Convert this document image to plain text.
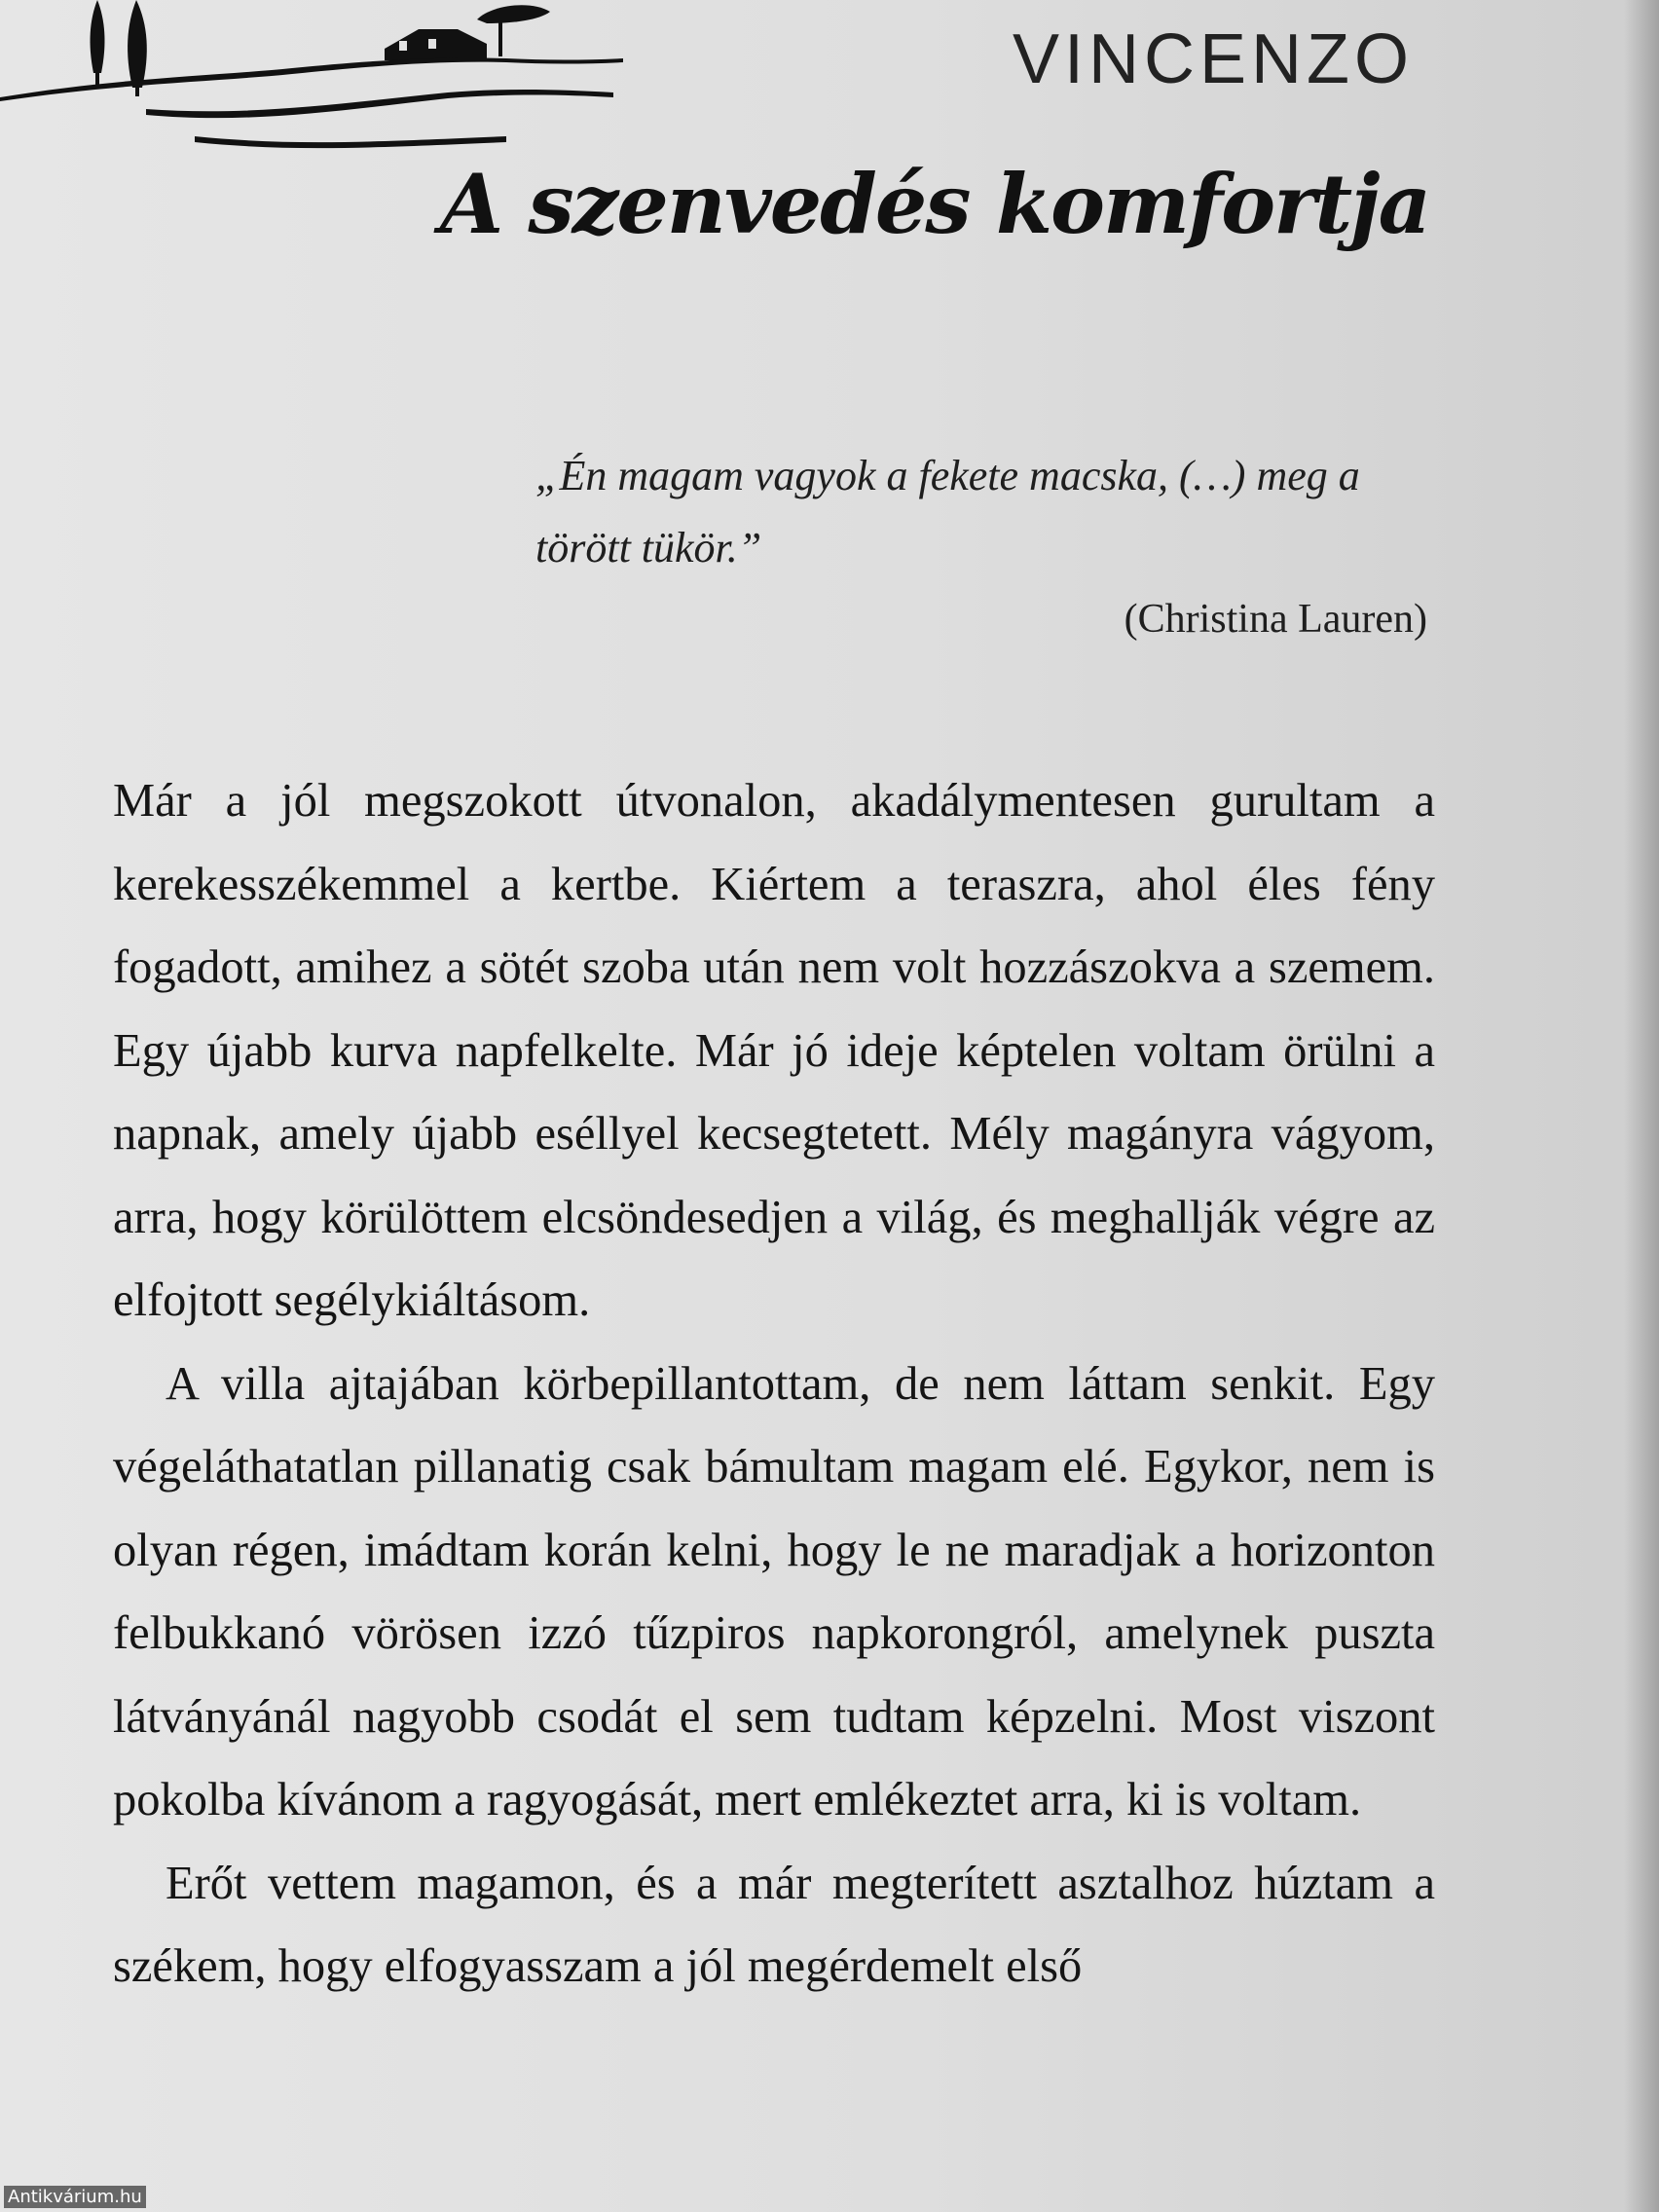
VINCENZO
A szenvedés komfortja
„Én magam vagyok a fekete macska, (…) meg a törött tükör.”
(Christina Lauren)

Már a jól megszokott útvonalon, akadálymentesen gurultam a kerekesszékemmel a kertbe. Kiértem a teraszra, ahol éles fény fogadott, amihez a sötét szoba után nem volt hozzászokva a szemem. Egy újabb kurva napfelkelte. Már jó ideje képtelen voltam örülni a napnak, amely újabb eséllyel kecsegtetett. Mély magányra vágyom, arra, hogy körülöttem elcsöndesedjen a világ, és meghallják végre az elfojtott segélykiáltásom.

A villa ajtajában körbepillantottam, de nem láttam senkit. Egy végeláthatatlan pillanatig csak bámultam magam elé. Egykor, nem is olyan régen, imádtam korán kelni, hogy le ne maradjak a horizonton felbukkanó vörösen izzó tűzpiros napkorongról, amelynek puszta látványánál nagyobb csodát el sem tudtam képzelni. Most viszont pokolba kívánom a ragyogását, mert emlékeztet arra, ki is voltam.

Erőt vettem magamon, és a már megterített asztalhoz húztam a székem, hogy elfogyasszam a jól megérdemelt első

Antikvárium.hu
